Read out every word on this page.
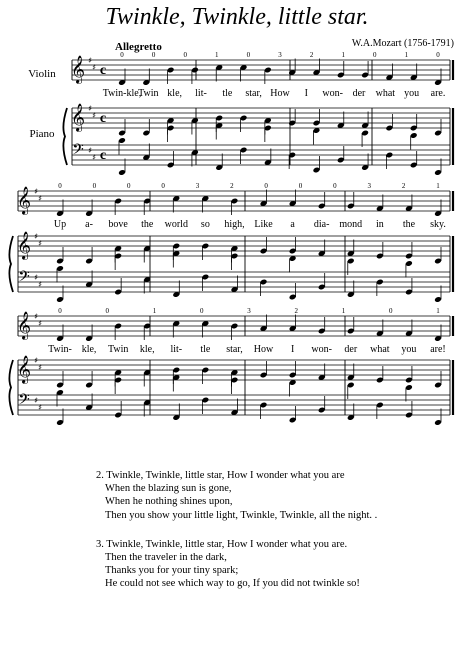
Twinkle, Twinkle, little star.
W.A.Mozart (1756-1791)
𝄞
𝄞
𝄢
♯
♯
♯
♯
♯
♯
c
c
c
0	0	0	1	0	3	2	1	0	1	0
Twin-kle,
Twin kle, lit- tle star, How I won- der what you are.
𝄞
𝄞
𝄢
♯
♯
♯
♯
♯
♯
0	0	0	0	3	2	0	0	0	3	2	1
Up a- bove the world so high, Like a dia- mond in the sky.
𝄞
𝄞
𝄢
♯
♯
♯
♯
♯
♯
0	0	1	0	3	2	1	0	1
Twin- kle, Twin kle, lit- tle star, How I won- der what you are!
Violin
Piano
Allegretto
2. Twinkle, Twinkle, little star, How I wonder what you are
When the blazing sun is gone,
When he nothing shines upon,
Then you show your little light, Twinkle, Twinkle, all the night. .
3. Twinkle, Twinkle, little star, How I wonder what you are.
Then the traveler in the dark,
Thanks you for your tiny spark;
He could not see which way to go, If you did not twinkle so!
